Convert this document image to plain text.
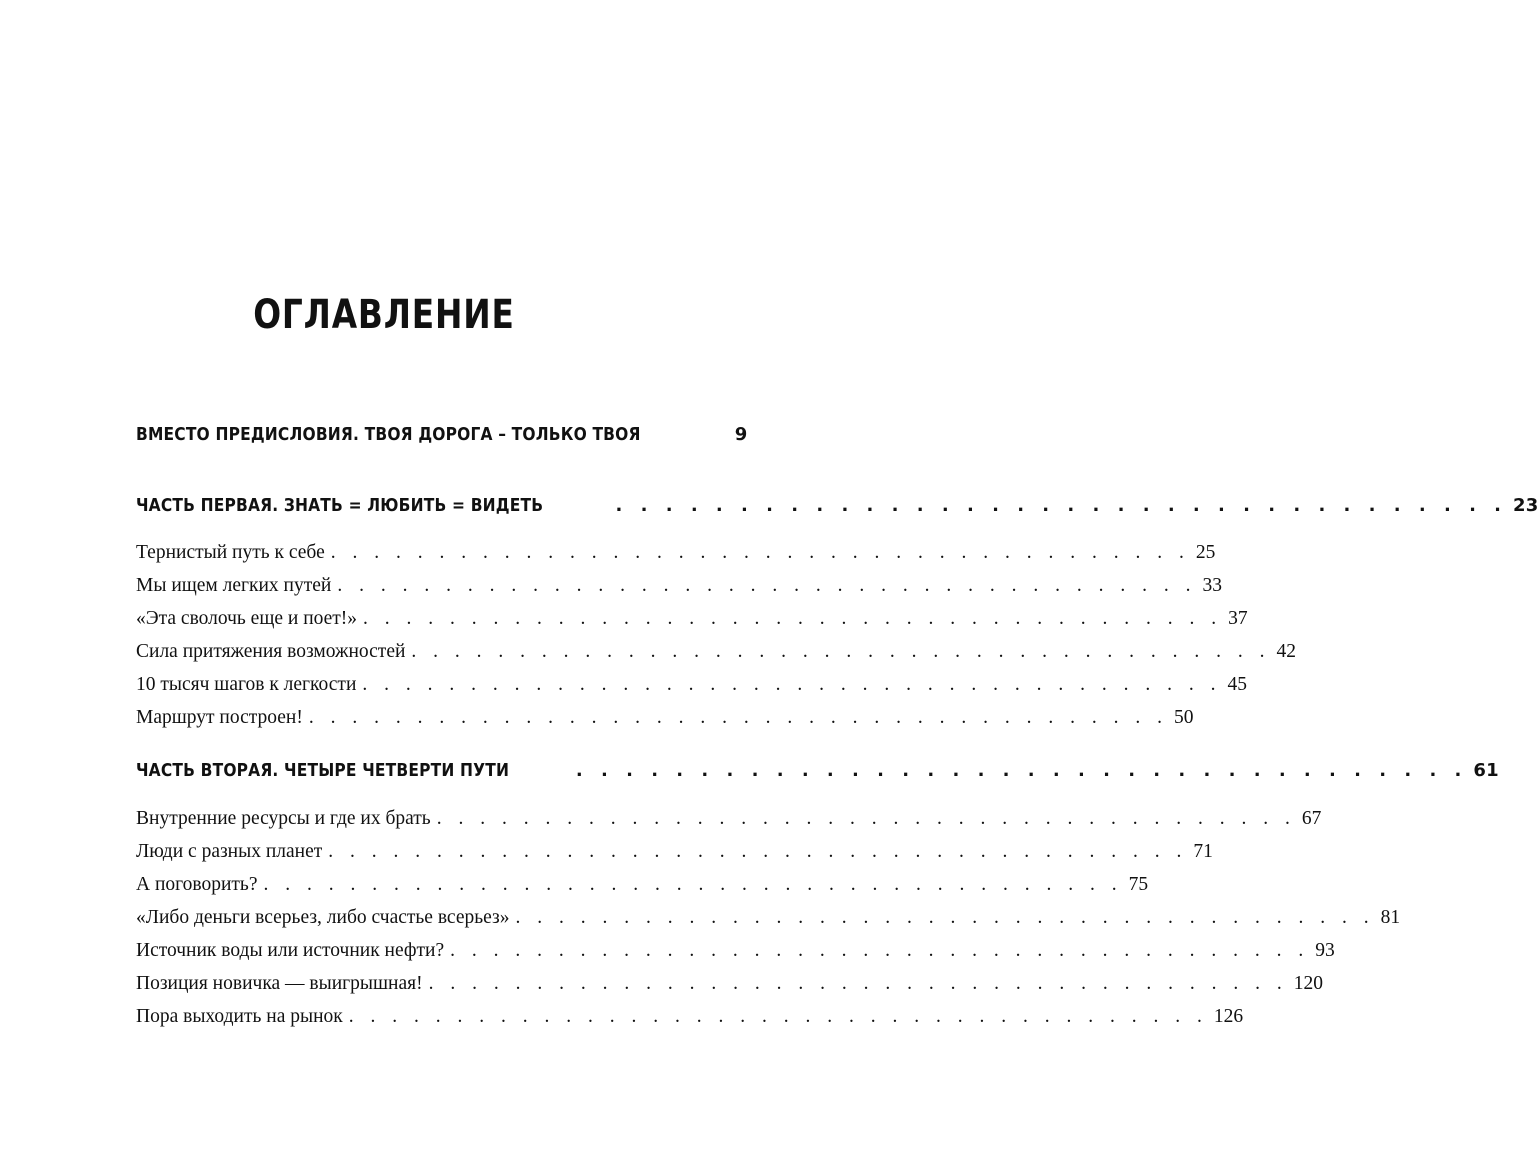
ОГЛАВЛЕНИЕ
ВМЕСТО ПРЕДИСЛОВИЯ. ТВОЯ ДОРОГА – ТОЛЬКО ТВОЯ	9
ЧАСТЬ ПЕРВАЯ. ЗНАТЬ = ЛЮБИТЬ = ВИДЕТЬ	. . . . . . . . . . . . . . . . . . . . . . . . . . . . . . . . . . . . 23
Тернистый путь к себе . . . . . . . . . . . . . . . . . . . . . . . . . . . . . . . . . . . . . . . . 25
Мы ищем легких путей . . . . . . . . . . . . . . . . . . . . . . . . . . . . . . . . . . . . . . . . 33
«Эта сволочь еще и поет!» . . . . . . . . . . . . . . . . . . . . . . . . . . . . . . . . . . . . . . . . 37
Сила притяжения возможностей . . . . . . . . . . . . . . . . . . . . . . . . . . . . . . . . . . . . . . . . 42
10 тысяч шагов к легкости . . . . . . . . . . . . . . . . . . . . . . . . . . . . . . . . . . . . . . . . 45
Маршрут построен! . . . . . . . . . . . . . . . . . . . . . . . . . . . . . . . . . . . . . . . . 50
ЧАСТЬ ВТОРАЯ. ЧЕТЫРЕ ЧЕТВЕРТИ ПУТИ	. . . . . . . . . . . . . . . . . . . . . . . . . . . . . . . . . . . . 61
Внутренние ресурсы и где их брать . . . . . . . . . . . . . . . . . . . . . . . . . . . . . . . . . . . . . . . . 67
Люди с разных планет . . . . . . . . . . . . . . . . . . . . . . . . . . . . . . . . . . . . . . . . 71
А поговорить? . . . . . . . . . . . . . . . . . . . . . . . . . . . . . . . . . . . . . . . . 75
«Либо деньги всерьез, либо счастье всерьез» . . . . . . . . . . . . . . . . . . . . . . . . . . . . . . . . . . . . . . . . 81
Источник воды или источник нефти? . . . . . . . . . . . . . . . . . . . . . . . . . . . . . . . . . . . . . . . . 93
Позиция новичка — выигрышная! . . . . . . . . . . . . . . . . . . . . . . . . . . . . . . . . . . . . . . . . 120
Пора выходить на рынок . . . . . . . . . . . . . . . . . . . . . . . . . . . . . . . . . . . . . . . . 126
